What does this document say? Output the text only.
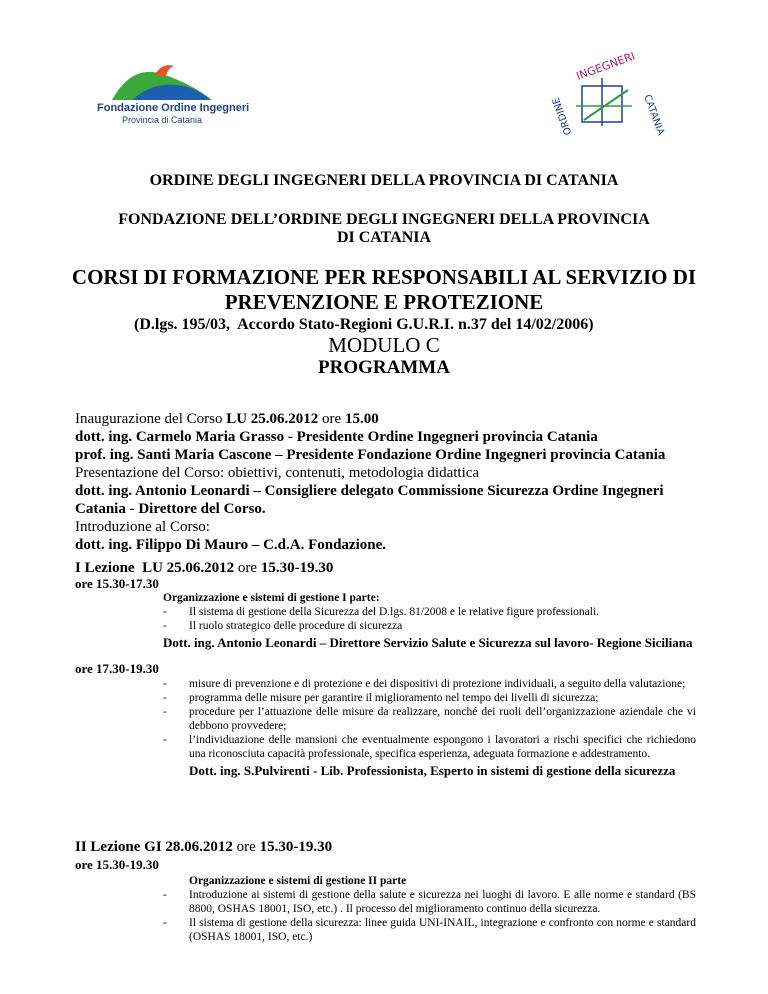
Fondazione Ordine Ingegneri
Provincia di Catania
INGEGNERI
CATANIA
ORDINE
ORDINE DEGLI INGEGNERI DELLA PROVINCIA DI CATANIA
FONDAZIONE DELL’ORDINE DEGLI INGEGNERI DELLA PROVINCIA
DI CATANIA
CORSI DI FORMAZIONE PER RESPONSABILI AL SERVIZIO DI
PREVENZIONE E PROTEZIONE
(D.lgs. 195/03,  Accordo Stato-Regioni G.U.R.I. n.37 del 14/02/2006)
MODULO C
PROGRAMMA
Inaugurazione del Corso LU 25.06.2012 ore 15.00
dott. ing. Carmelo Maria Grasso - Presidente Ordine Ingegneri provincia Catania
prof. ing. Santi Maria Cascone – Presidente Fondazione Ordine Ingegneri provincia Catania
Presentazione del Corso: obiettivi, contenuti, metodologia didattica
dott. ing. Antonio Leonardi – Consigliere delegato Commissione Sicurezza Ordine Ingegneri
Catania - Direttore del Corso.
Introduzione al Corso:
dott. ing. Filippo Di Mauro – C.d.A. Fondazione.
I Lezione  LU 25.06.2012 ore 15.30-19.30
ore 15.30-17.30
Organizzazione e sistemi di gestione I parte:
- Il sistema di gestione della Sicurezza del D.lgs. 81/2008 e le relative figure professionali.
- Il ruolo strategico delle procedure di sicurezza
Dott. ing. Antonio Leonardi – Direttore Servizio Salute e Sicurezza sul lavoro- Regione Siciliana
ore 17.30-19.30
- misure di prevenzione e di protezione e dei dispositivi di protezione individuali, a seguito della valutazione;
- programma delle misure per garantire il miglioramento nel tempo dei livelli di sicurezza;
- procedure per l’attuazione delle misure da realizzare, nonché dei ruoli dell’organizzazione aziendale che vi debbono provvedere;
- l’individuazione delle mansioni che eventualmente espongono i lavoratori a rischi specifici che richiedono una riconosciuta capacità professionale, specifica esperienza, adeguata formazione e addestramento.
Dott. ing. S.Pulvirenti - Lib. Professionista, Esperto in sistemi di gestione della sicurezza
II Lezione GI 28.06.2012 ore 15.30-19.30
ore 15.30-19.30
Organizzazione e sistemi di gestione II parte
- Introduzione ai sistemi di gestione della salute e sicurezza nei luoghi di lavoro. E alle norme e standard (BS 8800, OSHAS 18001, ISO, etc.) . Il processo del miglioramento continuo della sicurezza.
- Il sistema di gestione della sicurezza: linee guida UNI-INAIL, integrazione e confronto con norme e standard (OSHAS 18001, ISO, etc.)
